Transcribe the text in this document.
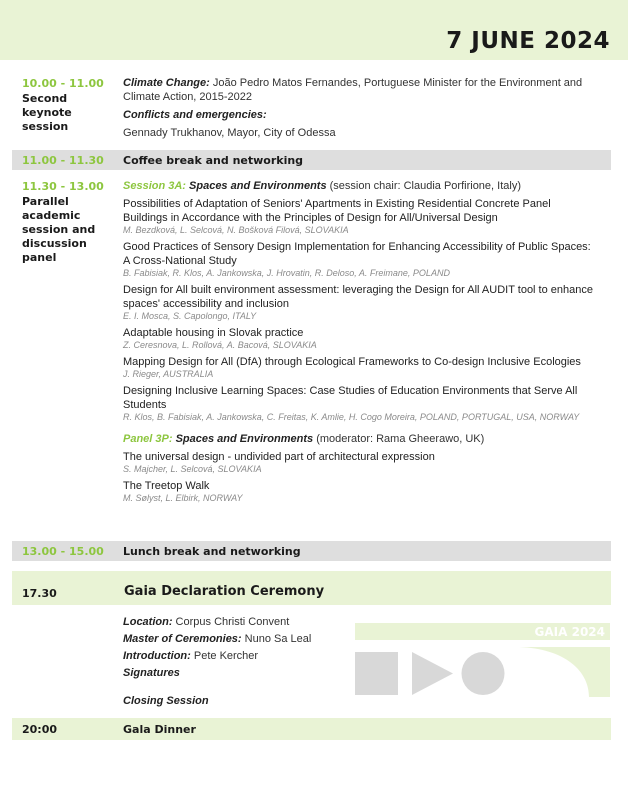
7 JUNE 2024
10.00 - 11.00
Second keynote session

Climate Change: João Pedro Matos Fernandes, Portuguese Minister for the Environment and Climate Action, 2015-2022

Conflicts and emergencies:

Gennady Trukhanov, Mayor, City of Odessa

11.00 - 11.30 Coffee break and networking
11.30 - 13.00
Parallel academic session and discussion panel
Session 3A: Spaces and Environments (session chair: Claudia Porfirione, Italy)
Possibilities of Adaptation of Seniors' Apartments in Existing Residential Concrete Panel Buildings in Accordance with the Principles of Design for All/Universal Design
M. Bezdková, L. Selcová, N. Bošková Filová, SLOVAKIA
Good Practices of Sensory Design Implementation for Enhancing Accessibility of Public Spaces: A Cross-National Study
B. Fabisiak, R. Klos, A. Jankowska, J. Hrovatin, R. Deloso, A. Freimane, POLAND
Design for All built environment assessment: leveraging the Design for All AUDIT tool to enhance spaces' accessibility and inclusion
E. I. Mosca, S. Capolongo, ITALY
Adaptable housing in Slovak practice
Z. Ceresnova, L. Rollová, A. Bacová, SLOVAKIA
Mapping Design for All (DfA) through Ecological Frameworks to Co-design Inclusive Ecologies
J. Rieger, AUSTRALIA
Designing Inclusive Learning Spaces: Case Studies of Education Environments that Serve All Students
R. Klos, B. Fabisiak, A. Jankowska, C. Freitas, K. Amlie, H. Cogo Moreira, POLAND, PORTUGAL, USA, NORWAY
Panel 3P: Spaces and Environments (moderator: Rama Gheerawo, UK)
The universal design - undivided part of architectural expression
S. Majcher, L. Selcová, SLOVAKIA
The Treetop Walk
M. Sølyst, L. Elbirk, NORWAY
13.00 - 15.00 Lunch break and networking
17.30	Gaia Declaration Ceremony

Location: Corpus Christi Convent

Master of Ceremonies: Nuno Sa Leal

Introduction: Pete Kercher

Signatures

Closing Session

GAIA 2024
20:00	Gala Dinner
